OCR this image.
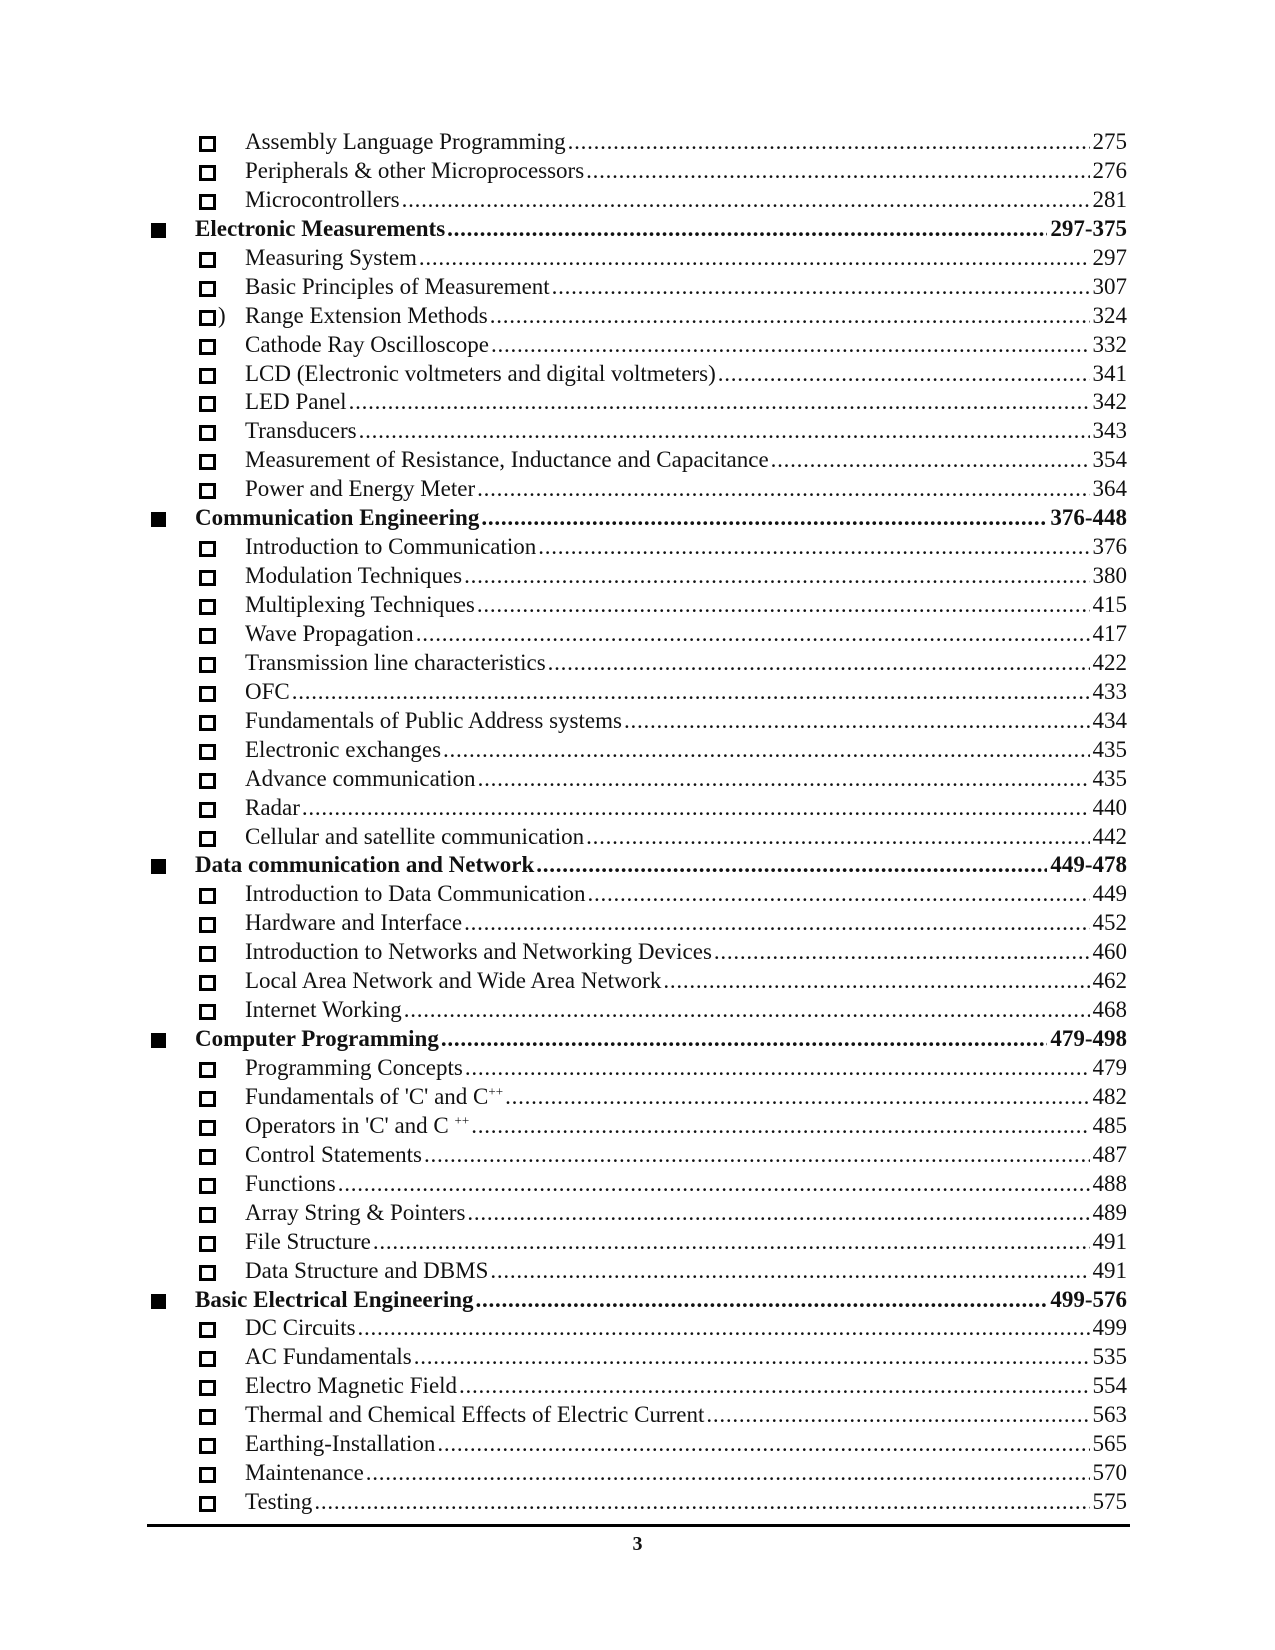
Assembly Language Programming . . .	275
Peripherals & other Microprocessors . . .	276
Microcontrollers . . .	281
Electronic Measurements . . .	297-375
Measuring System . . .	297
Basic Principles of Measurement . . .	307
Range Extension Methods . . .	324
)
Cathode Ray Oscilloscope . . .	332
LCD (Electronic voltmeters and digital voltmeters) . . .	341
LED Panel . . .	342
Transducers . . .	343
Measurement of Resistance, Inductance and Capacitance . . .	354
Power and Energy Meter . . .	364
Communication Engineering . . .	376-448
Introduction to Communication . . .	376
Modulation Techniques . . .	380
Multiplexing Techniques . . .	415
Wave Propagation . . .	417
Transmission line characteristics . . .	422
OFC . . .	433
Fundamentals of Public Address systems . . .	434
Electronic exchanges . . .	435
Advance communication . . .	435
Radar . . .	440
Cellular and satellite communication . . .	442
Data communication and Network . . .	449-478
Introduction to Data Communication . . .	449
Hardware and Interface . . .	452
Introduction to Networks and Networking Devices . . .	460
Local Area Network and Wide Area Network . . .	462
Internet Working . . .	468
Computer Programming . . .	479-498
Programming Concepts . . .	479
Fundamentals of 'C' and C++ . . .	482
Operators in 'C' and C ++ . . .	485
Control Statements . . .	487
Functions . . .	488
Array String & Pointers . . .	489
File Structure . . .	491
Data Structure and DBMS . . .	491
Basic Electrical Engineering . . .	499-576
DC Circuits . . .	499
AC Fundamentals . . .	535
Electro Magnetic Field . . .	554
Thermal and Chemical Effects of Electric Current . . .	563
Earthing-Installation . . .	565
Maintenance . . .	570
Testing . . .	575
3
